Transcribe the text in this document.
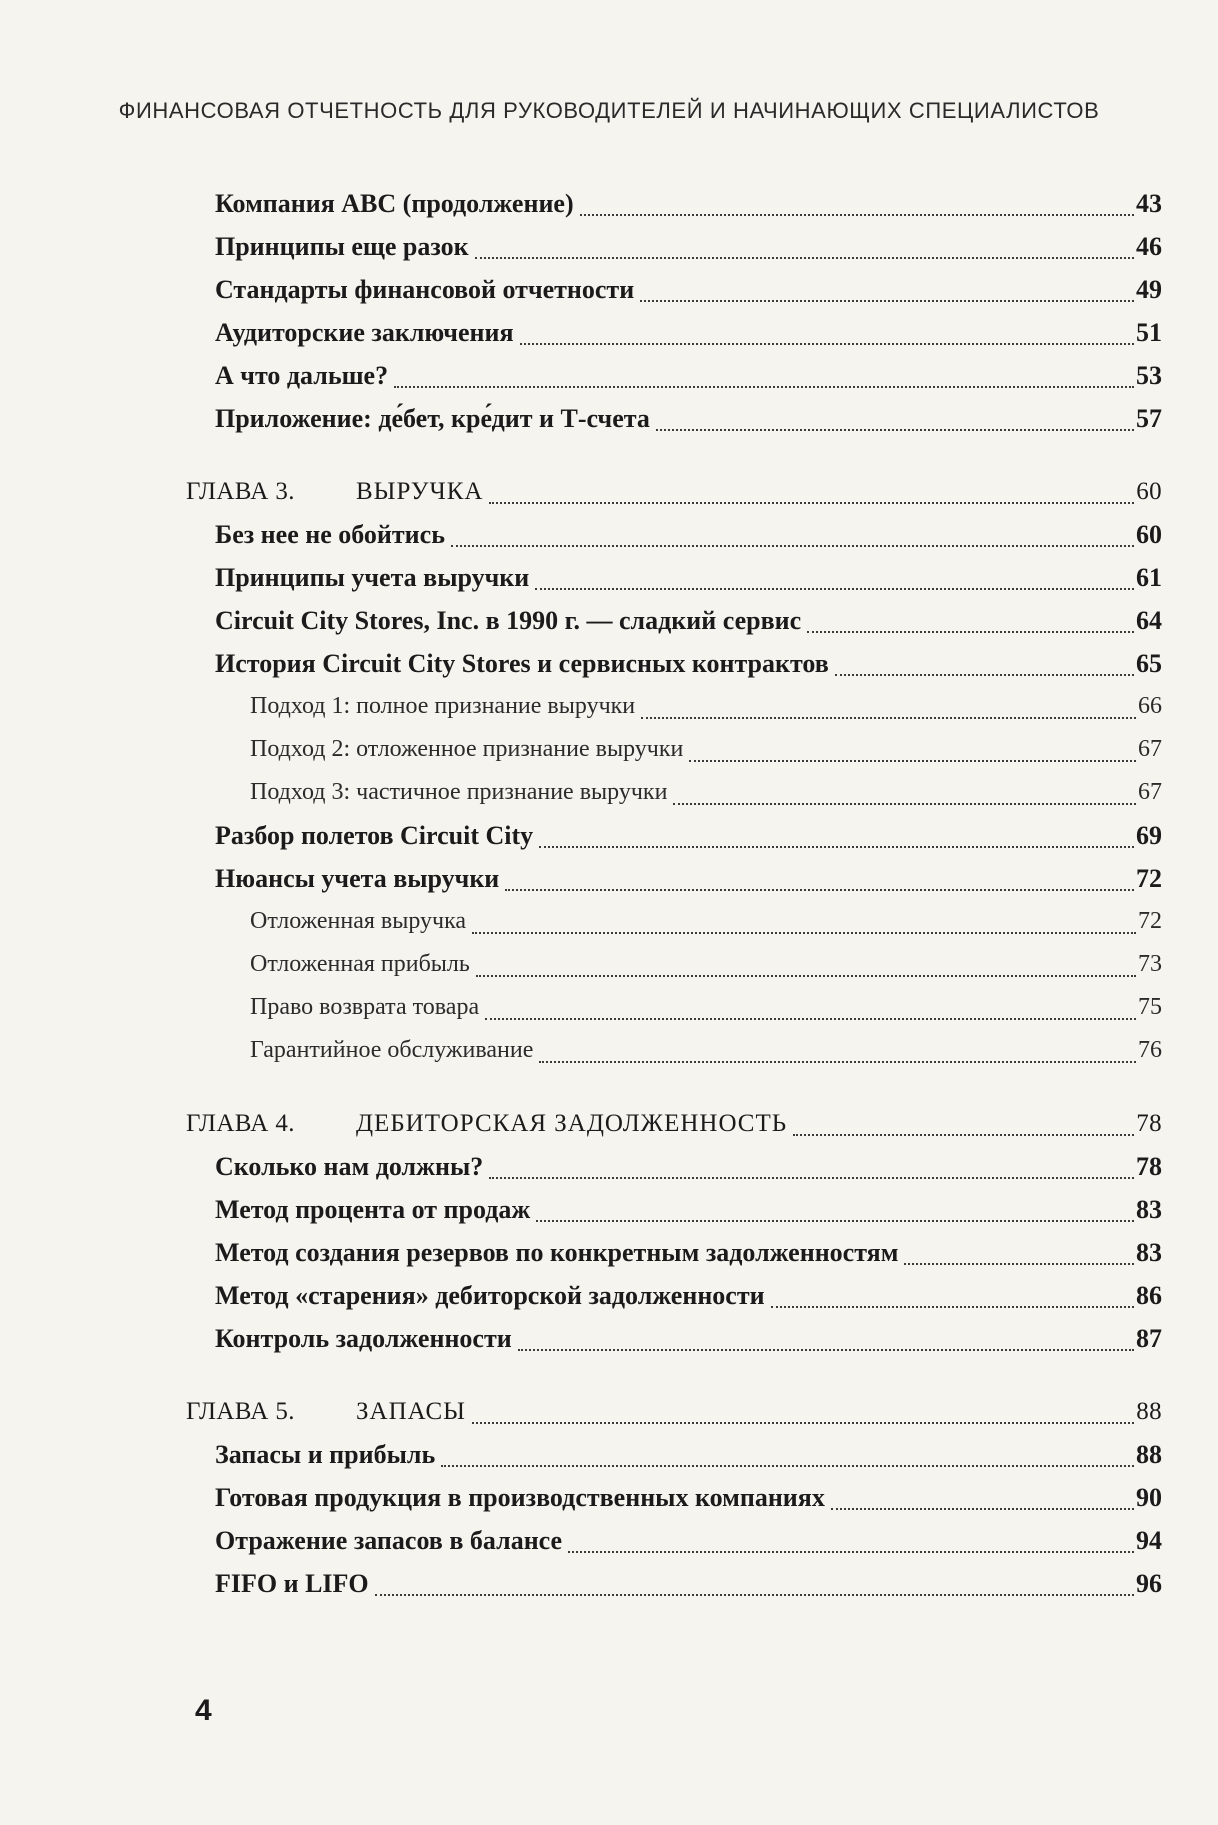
ФИНАНСОВАЯ ОТЧЕТНОСТЬ ДЛЯ РУКОВОДИТЕЛЕЙ И НАЧИНАЮЩИХ СПЕЦИАЛИСТОВ
Компания АВС (продолжение)	43
Принципы еще разок	46
Стандарты финансовой отчетности	49
Аудиторские заключения	51
А что дальше?	53
Приложение: де́бет, кре́дит и Т-счета	57
ГЛАВА 3. ВЫРУЧКА	60
Без нее не обойтись	60
Принципы учета выручки	61
Circuit City Stores, Inc. в 1990 г. — сладкий сервис	64
История Circuit City Stores и сервисных контрактов	65
Подход 1: полное признание выручки	66
Подход 2: отложенное признание выручки	67
Подход 3: частичное признание выручки	67
Разбор полетов Circuit City	69
Нюансы учета выручки	72
Отложенная выручка	72
Отложенная прибыль	73
Право возврата товара	75
Гарантийное обслуживание	76
ГЛАВА 4. ДЕБИТОРСКАЯ ЗАДОЛЖЕННОСТЬ	78
Сколько нам должны?	78
Метод процента от продаж	83
Метод создания резервов по конкретным задолженностям	83
Метод «старения» дебиторской задолженности	86
Контроль задолженности	87
ГЛАВА 5. ЗАПАСЫ	88
Запасы и прибыль	88
Готовая продукция в производственных компаниях	90
Отражение запасов в балансе	94
FIFO и LIFO	96
4
